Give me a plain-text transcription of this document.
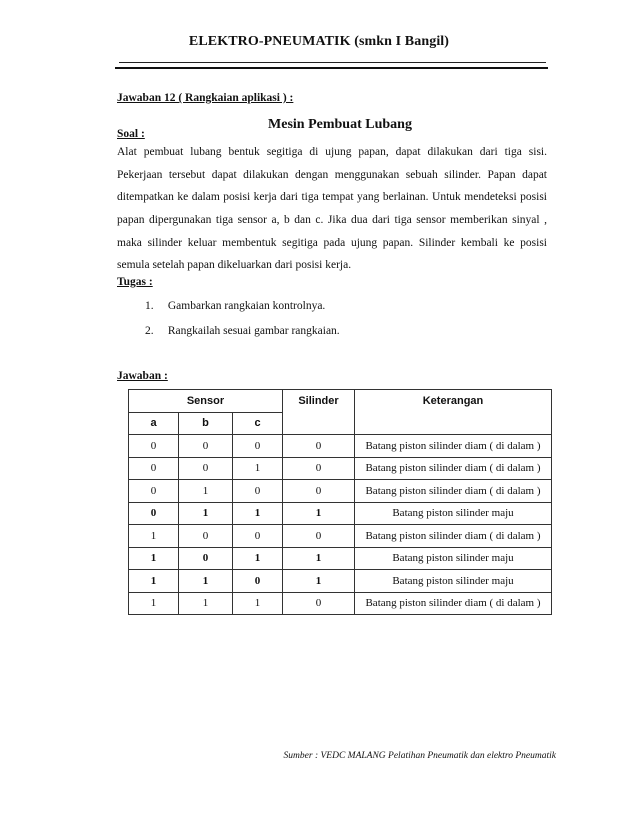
ELEKTRO-PNEUMATIK (smkn I Bangil)
Jawaban 12 ( Rangkaian aplikasi ) :
Mesin Pembuat Lubang
Soal :
Alat pembuat lubang bentuk segitiga di ujung papan, dapat dilakukan dari tiga sisi.
Pekerjaan tersebut dapat dilakukan dengan menggunakan sebuah silinder. Papan dapat
ditempatkan ke dalam posisi kerja dari tiga tempat yang berlainan. Untuk mendeteksi posisi
papan dipergunakan tiga sensor a, b dan c. Jika dua dari tiga sensor memberikan sinyal ,
maka silinder keluar membentuk segitiga pada ujung papan. Silinder kembali ke posisi
semula setelah papan dikeluarkan dari posisi kerja.
Tugas :
1. Gambarkan rangkaian kontrolnya.
2. Rangkailah sesuai gambar rangkaian.
Jawaban :
Sensor			Silinder	Keterangan
a	b	c		
0	0	0	0	Batang piston silinder diam ( di dalam )
0	0	1	0	Batang piston silinder diam ( di dalam )
0	1	0	0	Batang piston silinder diam ( di dalam )
0	1	1	1	Batang piston silinder maju
1	0	0	0	Batang piston silinder diam ( di dalam )
1	0	1	1	Batang piston silinder maju
1	1	0	1	Batang piston silinder maju
1	1	1	0	Batang piston silinder diam ( di dalam )
Sumber : VEDC MALANG Pelatihan Pneumatik dan elektro Pneumatik
